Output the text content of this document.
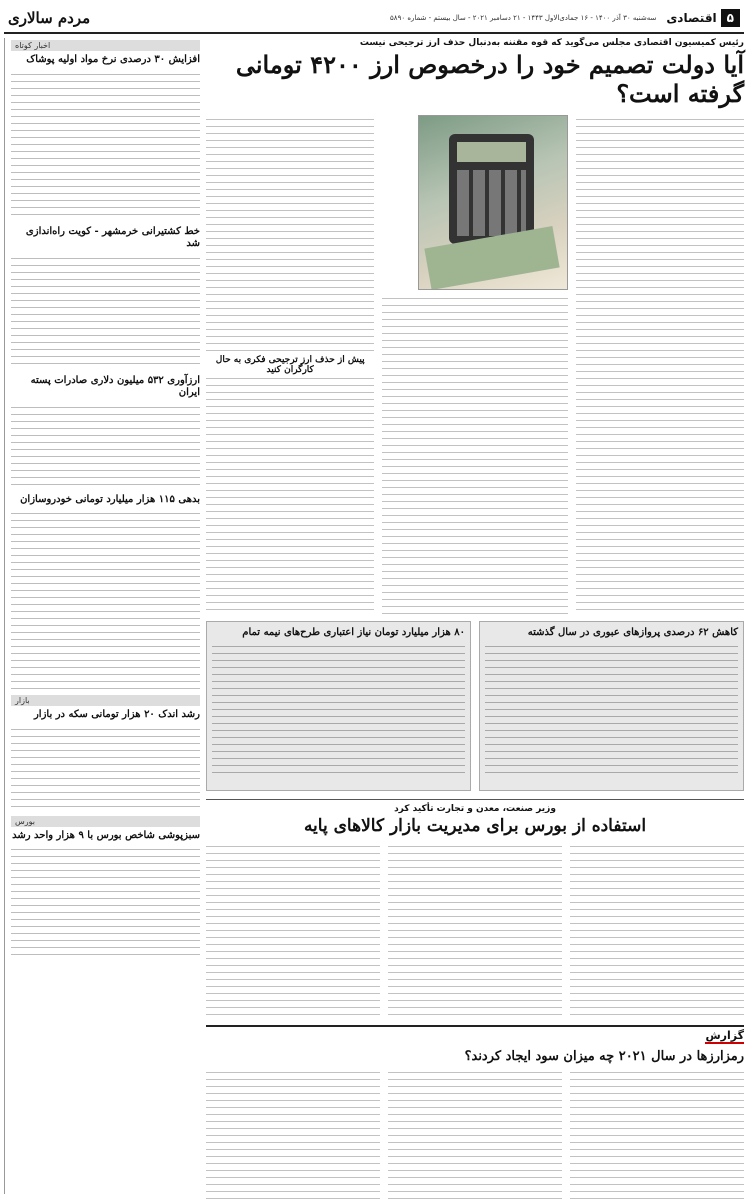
۵
اقتصادی
سه‌شنبه ۳۰ آذر ۱۴۰۰ - ۱۶ جمادی‌الاول ۱۴۴۳ - ۲۱ دسامبر ۲۰۲۱ - سال بیستم - شماره ۵۸۹۰
مردم سالاری
رئیس کمیسیون اقتصادی مجلس می‌گوید که قوه مقننه به‌دنبال حذف ارز ترجیحی نیست
آیا دولت تصمیم خود را درخصوص ارز ۴۲۰۰ تومانی گرفته است؟
پیش از حذف ارز ترجیحی فکری به حال کارگران کنید
کاهش ۶۲ درصدی پروازهای عبوری در سال گذشته
۸۰ هزار میلیارد تومان نیاز اعتباری طرح‌های نیمه تمام
وزیر صنعت، معدن و تجارت تأکید کرد
استفاده از بورس برای مدیریت بازار کالاهای پایه
گزارش
رمزارزها در سال ۲۰۲۱ چه میزان سود ایجاد کردند؟
اخبار کوتاه
افزایش ۳۰ درصدی نرخ مواد اولیه پوشاک
خط کشتیرانی خرمشهر - کویت راه‌اندازی شد
ارزآوری ۵۳۲ میلیون دلاری صادرات پسته ایران
بدهی ۱۱۵ هزار میلیارد تومانی خودروسازان
بازار
رشد اندک ۲۰ هزار تومانی سکه در بازار
بورس
سبزپوشی شاخص بورس با ۹ هزار واحد رشد
